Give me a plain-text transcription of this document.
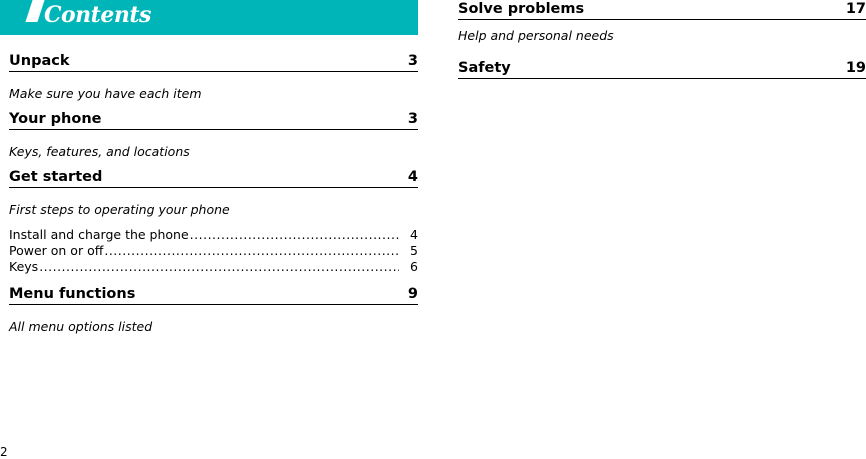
Contents
Unpack	3
Make sure you have each item
Your phone	3
Keys, features, and locations
Get started	4
First steps to operating your phone
Install and charge the phone .....	4
Power on or off .....	5
Keys .....	6
Menu functions	9
All menu options listed
Solve problems	17
Help and personal needs
Safety	19
2
